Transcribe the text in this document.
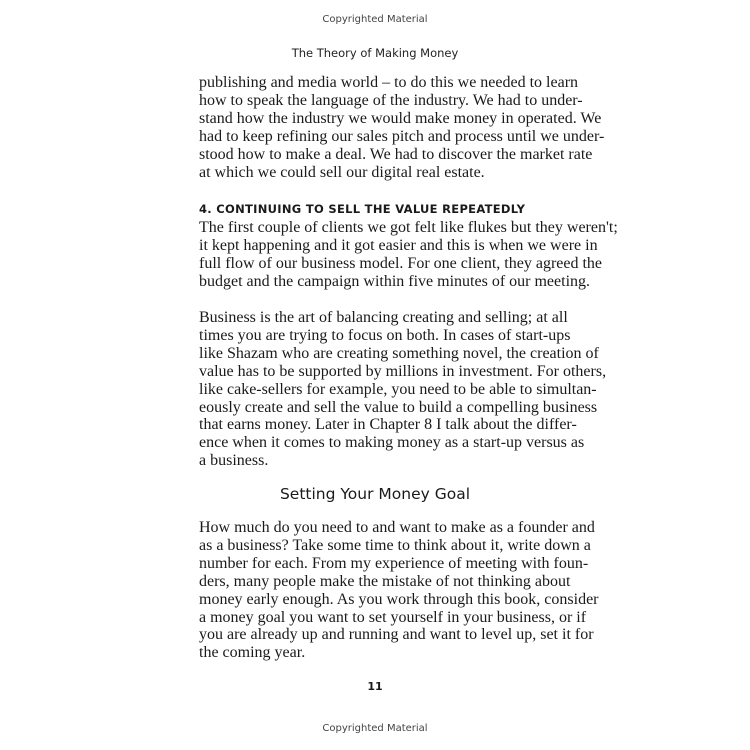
Copyrighted Material
The Theory of Making Money
publishing and media world – to do this we needed to learn
how to speak the language of the industry. We had to under-
stand how the industry we would make money in operated. We
had to keep refining our sales pitch and process until we under-
stood how to make a deal. We had to discover the market rate
at which we could sell our digital real estate.
4. CONTINUING TO SELL THE VALUE REPEATEDLY
The first couple of clients we got felt like flukes but they weren't;
it kept happening and it got easier and this is when we were in
full flow of our business model. For one client, they agreed the
budget and the campaign within five minutes of our meeting.
Business is the art of balancing creating and selling; at all
times you are trying to focus on both. In cases of start-ups
like Shazam who are creating something novel, the creation of
value has to be supported by millions in investment. For others,
like cake-sellers for example, you need to be able to simultan-
eously create and sell the value to build a compelling business
that earns money. Later in Chapter 8 I talk about the differ-
ence when it comes to making money as a start-up versus as
a business.
Setting Your Money Goal
How much do you need to and want to make as a founder and
as a business? Take some time to think about it, write down a
number for each. From my experience of meeting with foun-
ders, many people make the mistake of not thinking about
money early enough. As you work through this book, consider
a money goal you want to set yourself in your business, or if
you are already up and running and want to level up, set it for
the coming year.
11
Copyrighted Material
